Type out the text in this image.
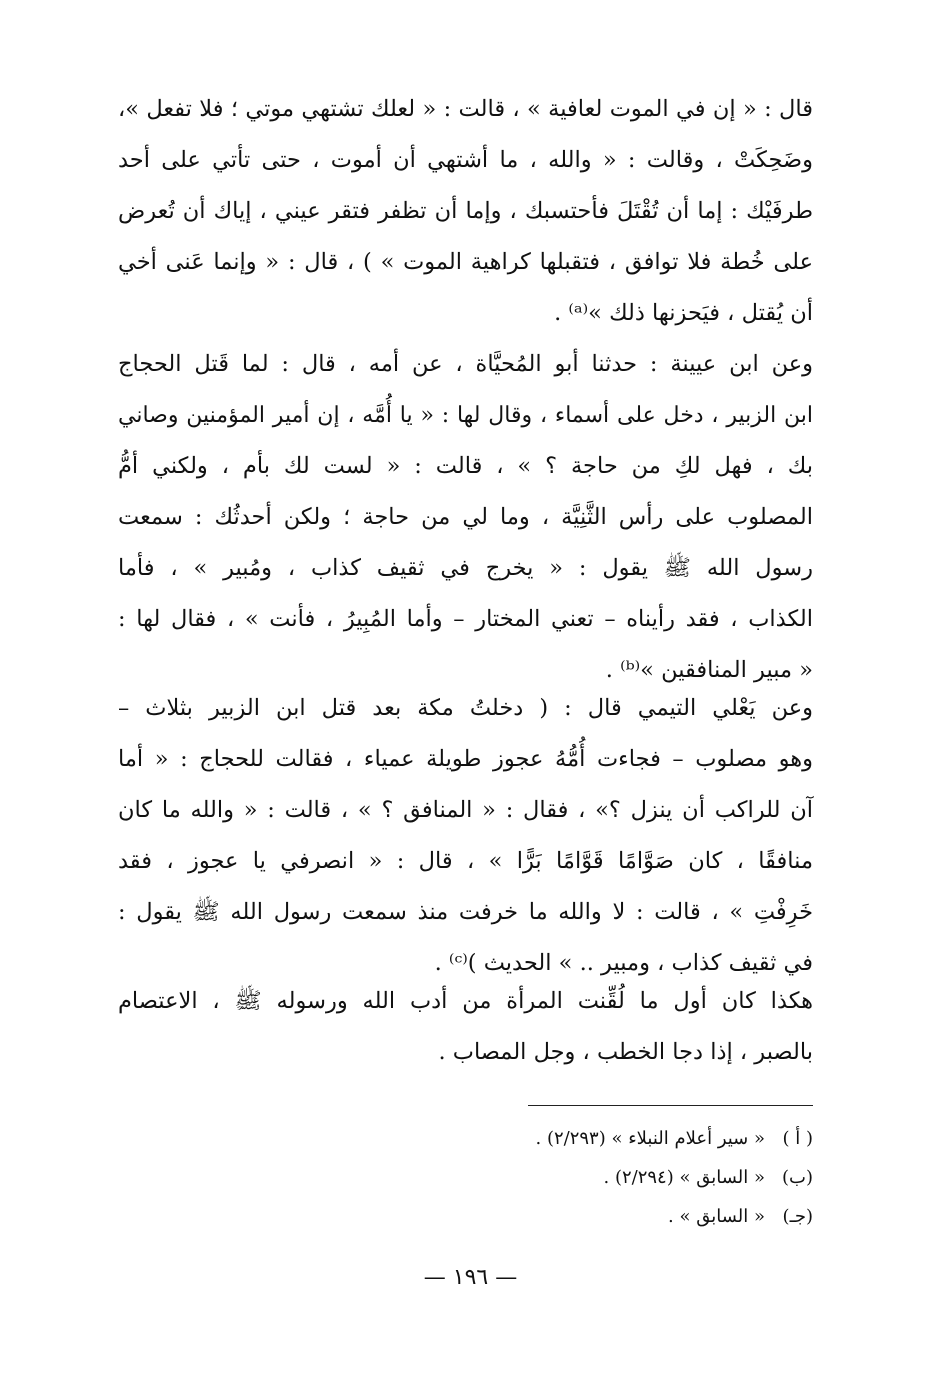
قال : « إن في الموت لعافية » ، قالت : « لعلك تشتهي موتي ؛ فلا تفعل »،
وضَحِكَتْ ، وقالت : « والله ، ما أشتهي أن أموت ، حتى تأتي على أحد
طرفَيْك : إما أن تُقْتَلَ فأحتسبك ، وإما أن تظفر فتقر عيني ، إياك أن تُعرض
على خُطة فلا توافق ، فتقبلها كراهية الموت » ) ، قال : « وإنما عَنى أخي
أن يُقتل ، فيَحزنها ذلك »⁽ᵃ⁾ .
وعن ابن عيينة : حدثنا أبو المُحيَّاة ، عن أمه ، قال : لما قَتل الحجاج
ابن الزبير ، دخل على أسماء ، وقال لها : « يا أُمَّه ، إن أمير المؤمنين وصاني
بك ، فهل لكِ من حاجة ؟ » ، قالت : « لست لك بأم ، ولكني أمُّ
المصلوب على رأس الثَّنِيَّة ، وما لي من حاجة ؛ ولكن أحدثُك : سمعت
رسول الله ﷺ يقول : « يخرج في ثقيف كذاب ، ومُبير » ، فأما
الكذاب ، فقد رأيناه – تعني المختار – وأما المُبِيرُ ، فأنت » ، فقال لها :
« مبير المنافقين »⁽ᵇ⁾ .
وعن يَعْلي التيمي قال : ( دخلتُ مكة بعد قتل ابن الزبير بثلاث –
وهو مصلوب – فجاءت أُمُّهُ عجوز طويلة عمياء ، فقالت للحجاج : « أما
آن للراكب أن ينزل ؟» ، فقال : « المنافق ؟ » ، قالت : « والله ما كان
منافقًا ، كان صَوَّامًا قَوَّامًا بَرًّا » ، قال : « انصرفي يا عجوز ، فقد
خَرِفْتِ » ، قالت : لا والله ما خرفت منذ سمعت رسول الله ﷺ يقول :
في ثقيف كذاب ، ومبير .. » الحديث )⁽ᶜ⁾ .
هكذا كان أول ما لُقِّنت المرأة من أدب الله ورسوله ﷺ ، الاعتصام
بالصبر ، إذا دجا الخطب ، وجل المصاب .
( أ )
« سير أعلام النبلاء » (٢/٢٩٣) .
(ب)
« السابق » (٢/٢٩٤) .
(جـ)
« السابق » .
— ١٩٦ —
